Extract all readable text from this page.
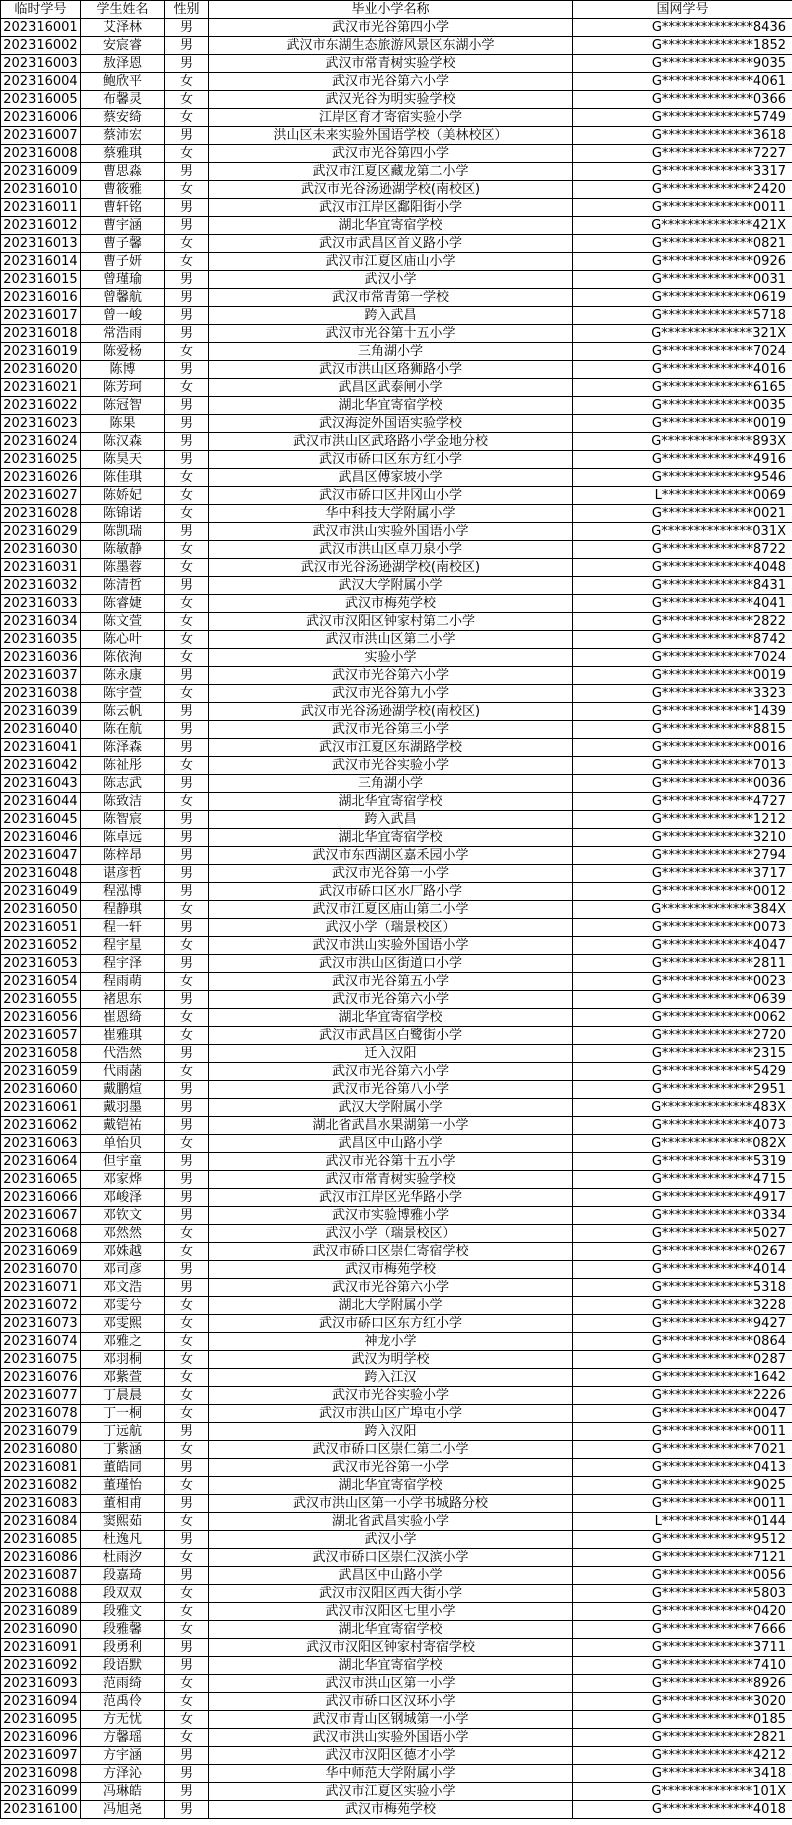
临时学号	学生姓名	性别	毕业小学名称	国网学号
202316001	艾泽林	男	武汉市光谷第四小学	G**************8436
202316002	安宸睿	男	武汉市东湖生态旅游风景区东湖小学	G**************1852
202316003	敖泽恩	男	武汉市常青树实验学校	G**************9035
202316004	鲍欣平	女	武汉市光谷第六小学	G**************4061
202316005	布馨灵	女	武汉光谷为明实验学校	G**************0366
202316006	蔡安绮	女	江岸区育才寄宿实验小学	G**************5749
202316007	蔡沛宏	男	洪山区未来实验外国语学校（美林校区）	G**************3618
202316008	蔡雅琪	女	武汉市光谷第四小学	G**************7227
202316009	曹思淼	男	武汉市江夏区藏龙第二小学	G**************3317
202316010	曹筱雅	女	武汉市光谷汤逊湖学校(南校区)	G**************2420
202316011	曹轩铭	男	武汉市江岸区鄱阳街小学	G**************0011
202316012	曹宇涵	男	湖北华宜寄宿学校	G**************421X
202316013	曹子馨	女	武汉市武昌区首义路小学	G**************0821
202316014	曹子妍	女	武汉市江夏区庙山小学	G**************0926
202316015	曾瑾瑜	男	武汉小学	G**************0031
202316016	曾馨航	男	武汉市常青第一学校	G**************0619
202316017	曾一峻	男	跨入武昌	G**************5718
202316018	常浩雨	男	武汉市光谷第十五小学	G**************321X
202316019	陈爱杨	女	三角湖小学	G**************7024
202316020	陈博	男	武汉市洪山区珞狮路小学	G**************4016
202316021	陈芳珂	女	武昌区武泰闸小学	G**************6165
202316022	陈冠智	男	湖北华宜寄宿学校	G**************0035
202316023	陈果	男	武汉海淀外国语实验学校	G**************0019
202316024	陈汉森	男	武汉市洪山区武珞路小学金地分校	G**************893X
202316025	陈昊天	男	武汉市硚口区东方红小学	G**************4916
202316026	陈佳琪	女	武昌区傅家坡小学	G**************9546
202316027	陈娇妃	女	武汉市硚口区井冈山小学	L**************0069
202316028	陈锦诺	女	华中科技大学附属小学	G**************0021
202316029	陈凯瑞	男	武汉市洪山实验外国语小学	G**************031X
202316030	陈敏静	女	武汉市洪山区卓刀泉小学	G**************8722
202316031	陈墨蓉	女	武汉市光谷汤逊湖学校(南校区)	G**************4048
202316032	陈清哲	男	武汉大学附属小学	G**************8431
202316033	陈睿婕	女	武汉市梅苑学校	G**************4041
202316034	陈文萱	女	武汉市汉阳区钟家村第二小学	G**************2822
202316035	陈心叶	女	武汉市洪山区第二小学	G**************8742
202316036	陈依洵	女	实验小学	G**************7024
202316037	陈永康	男	武汉市光谷第六小学	G**************0019
202316038	陈宇萱	女	武汉市光谷第九小学	G**************3323
202316039	陈云帆	男	武汉市光谷汤逊湖学校(南校区)	G**************1439
202316040	陈在航	男	武汉市光谷第三小学	G**************8815
202316041	陈泽森	男	武汉市江夏区东湖路学校	G**************0016
202316042	陈祉彤	女	武汉市光谷实验小学	G**************7013
202316043	陈志武	男	三角湖小学	G**************0036
202316044	陈致洁	女	湖北华宜寄宿学校	G**************4727
202316045	陈智宸	男	跨入武昌	G**************1212
202316046	陈卓远	男	湖北华宜寄宿学校	G**************3210
202316047	陈梓昂	男	武汉市东西湖区嘉禾园小学	G**************2794
202316048	谌彦哲	男	武汉市光谷第一小学	G**************3717
202316049	程泓博	男	武汉市硚口区水厂路小学	G**************0012
202316050	程静琪	女	武汉市江夏区庙山第二小学	G**************384X
202316051	程一轩	男	武汉小学（瑞景校区）	G**************0073
202316052	程宇星	女	武汉市洪山实验外国语小学	G**************4047
202316053	程宇泽	男	武汉市洪山区街道口小学	G**************2811
202316054	程雨萌	女	武汉市光谷第五小学	G**************0023
202316055	褚思东	男	武汉市光谷第六小学	G**************0639
202316056	崔恩绮	女	湖北华宜寄宿学校	G**************0062
202316057	崔雅琪	女	武汉市武昌区白鹭街小学	G**************2720
202316058	代浩然	男	迁入汉阳	G**************2315
202316059	代雨菡	女	武汉市光谷第六小学	G**************5429
202316060	戴鹏煊	男	武汉市光谷第八小学	G**************2951
202316061	戴羽墨	男	武汉大学附属小学	G**************483X
202316062	戴铠祐	男	湖北省武昌水果湖第一小学	G**************4073
202316063	单怡贝	女	武昌区中山路小学	G**************082X
202316064	但宇童	男	武汉市光谷第十五小学	G**************5319
202316065	邓家烨	男	武汉市常青树实验学校	G**************4715
202316066	邓峻泽	男	武汉市江岸区光华路小学	G**************4917
202316067	邓钦文	男	武汉市实验博雅小学	G**************0334
202316068	邓然然	女	武汉小学（瑞景校区）	G**************5027
202316069	邓姝越	女	武汉市硚口区崇仁寄宿学校	G**************0267
202316070	邓司彦	男	武汉市梅苑学校	G**************4014
202316071	邓文浩	男	武汉市光谷第六小学	G**************5318
202316072	邓雯兮	女	湖北大学附属小学	G**************3228
202316073	邓雯熙	女	武汉市硚口区东方红小学	G**************9427
202316074	邓雅之	女	神龙小学	G**************0864
202316075	邓羽桐	女	武汉为明学校	G**************0287
202316076	邓紫萱	女	跨入江汉	G**************1642
202316077	丁晨晨	女	武汉市光谷实验小学	G**************2226
202316078	丁一桐	女	武汉市洪山区广埠屯小学	G**************0047
202316079	丁远航	男	跨入汉阳	G**************0011
202316080	丁紫涵	女	武汉市硚口区崇仁第二小学	G**************7021
202316081	董皓同	男	武汉市光谷第一小学	G**************0413
202316082	董瑾怡	女	湖北华宜寄宿学校	G**************9025
202316083	董相甫	男	武汉市洪山区第一小学书城路分校	G**************0011
202316084	窦熙茹	女	湖北省武昌实验小学	L**************0144
202316085	杜逸凡	男	武汉小学	G**************9512
202316086	杜雨汐	女	武汉市硚口区崇仁汉滨小学	G**************7121
202316087	段嘉琦	男	武昌区中山路小学	G**************0056
202316088	段双双	女	武汉市汉阳区西大街小学	G**************5803
202316089	段雅文	女	武汉市汉阳区七里小学	G**************0420
202316090	段雅馨	女	湖北华宜寄宿学校	G**************7666
202316091	段勇利	男	武汉市汉阳区钟家村寄宿学校	G**************3711
202316092	段语默	男	湖北华宜寄宿学校	G**************7410
202316093	范雨绮	女	武汉市洪山区第一小学	G**************8926
202316094	范禹伶	女	武汉市硚口区汉环小学	G**************3020
202316095	方无忧	女	武汉市青山区钢城第一小学	G**************0185
202316096	方馨瑶	女	武汉市洪山实验外国语小学	G**************2821
202316097	方宇涵	男	武汉市汉阳区德才小学	G**************4212
202316098	方泽沁	男	华中师范大学附属小学	G**************3418
202316099	冯琳皓	男	武汉市江夏区实验小学	G**************101X
202316100	冯旭尧	男	武汉市梅苑学校	G**************4018
